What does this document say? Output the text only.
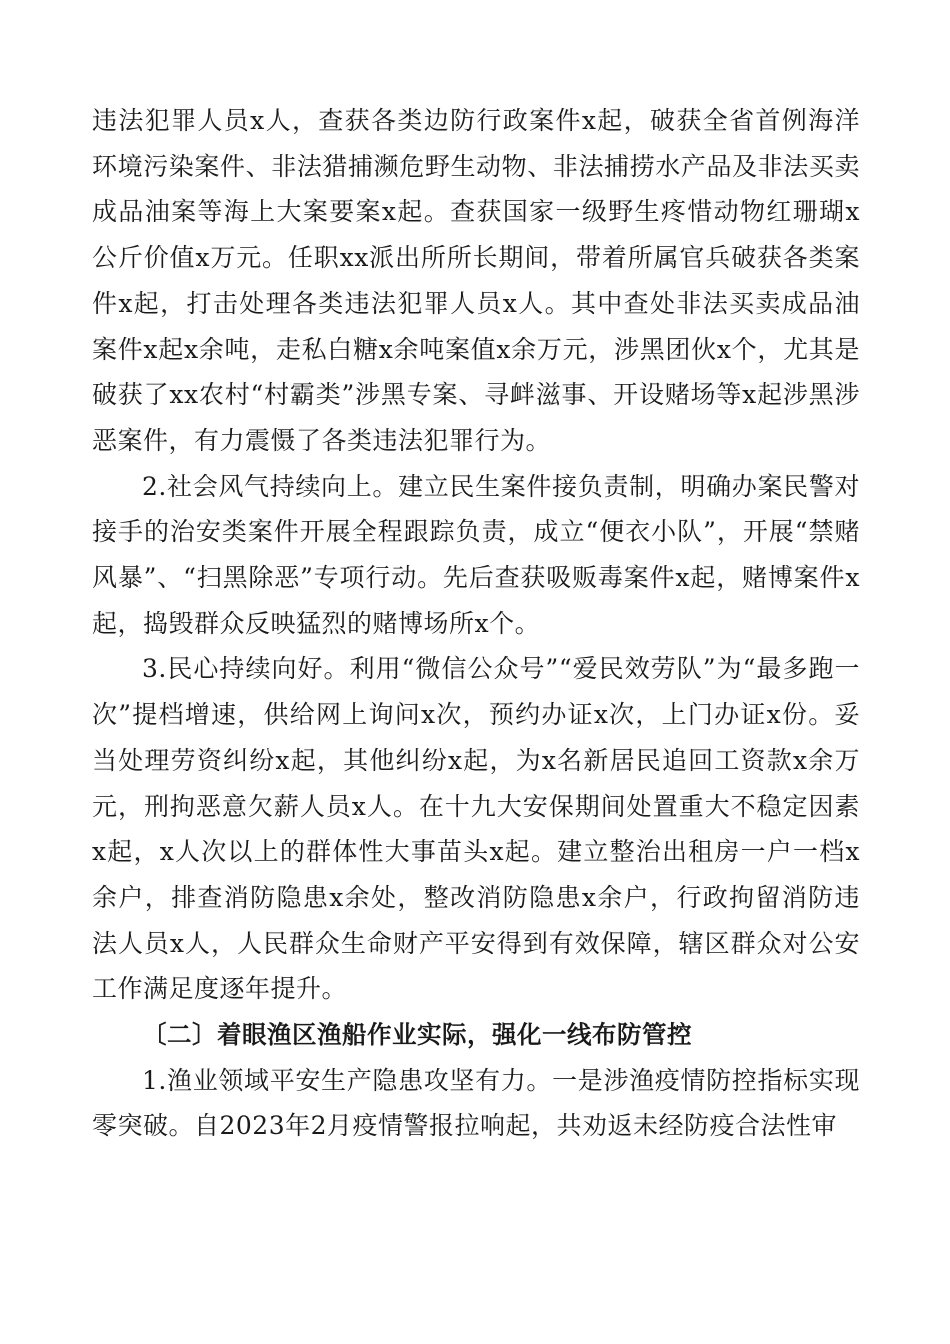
违法犯罪人员x人，查获各类边防行政案件x起，破获全省首例海洋环境污染案件、非法猎捕濒危野生动物、非法捕捞水产品及非法买卖成品油案等海上大案要案x起。查获国家一级野生疼惜动物红珊瑚x公斤价值x万元。任职xx派出所所长期间，带着所属官兵破获各类案件x起，打击处理各类违法犯罪人员x人。其中查处非法买卖成品油案件x起x余吨，走私白糖x余吨案值x余万元，涉黑团伙x个，尤其是破获了xx农村“村霸类”涉黑专案、寻衅滋事、开设赌场等x起涉黑涉恶案件，有力震慑了各类违法犯罪行为。

2.社会风气持续向上。建立民生案件接负责制，明确办案民警对接手的治安类案件开展全程跟踪负责，成立“便衣小队”，开展“禁赌风暴”、“扫黑除恶”专项行动。先后查获吸贩毒案件x起，赌博案件x起，捣毁群众反映猛烈的赌博场所x个。

3.民心持续向好。利用“微信公众号”“爱民效劳队”为“最多跑一次”提档增速，供给网上询问x次，预约办证x次，上门办证x份。妥当处理劳资纠纷x起，其他纠纷x起，为x名新居民追回工资款x余万元，刑拘恶意欠薪人员x人。在十九大安保期间处置重大不稳定因素x起，x人次以上的群体性大事苗头x起。建立整治出租房一户一档x余户，排查消防隐患x余处，整改消防隐患x余户，行政拘留消防违法人员x人，人民群众生命财产平安得到有效保障，辖区群众对公安工作满足度逐年提升。

〔二〕着眼渔区渔船作业实际，强化一线布防管控

1.渔业领域平安生产隐患攻坚有力。一是涉渔疫情防控指标实现零突破。自2023年2月疫情警报拉响起，共劝返未经防疫合法性审
